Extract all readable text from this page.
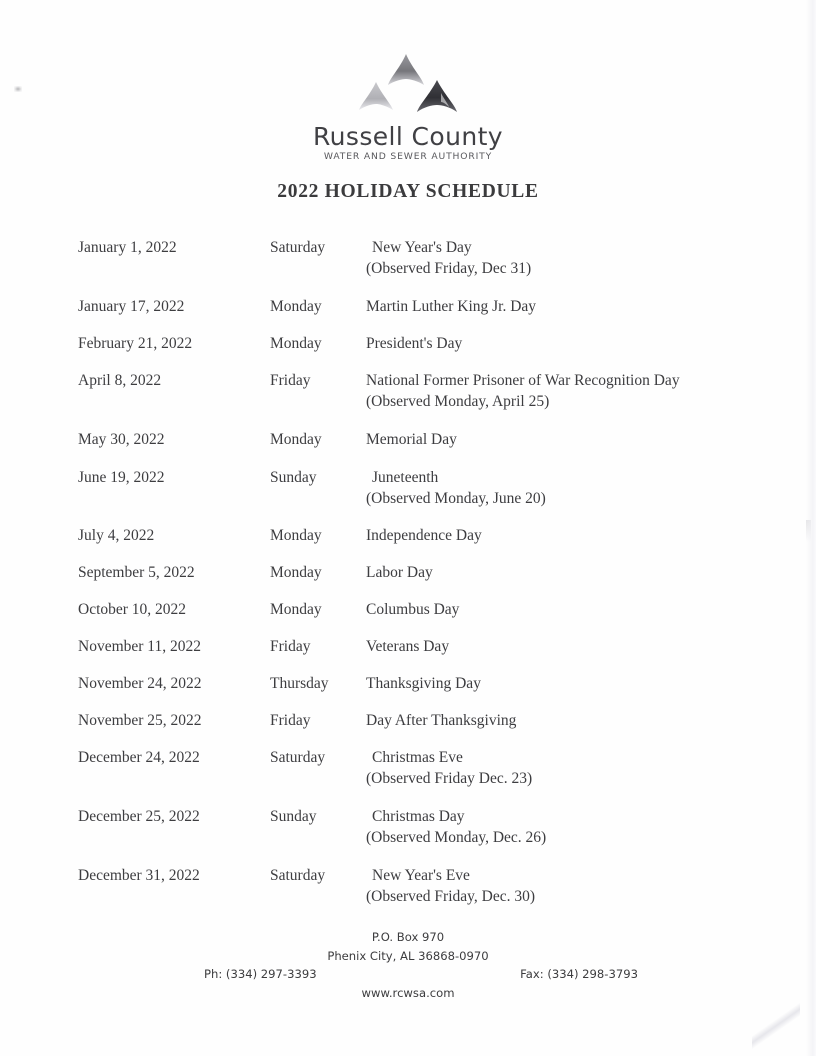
Russell County
WATER AND SEWER AUTHORITY
2022 HOLIDAY SCHEDULE
January 1, 2022	Saturday	New Year's Day
(Observed Friday, Dec 31)
January 17, 2022	Monday	Martin Luther King Jr. Day
February 21, 2022	Monday	President's Day
April 8, 2022	Friday	National Former Prisoner of War Recognition Day
(Observed Monday, April 25)
May 30, 2022	Monday	Memorial Day
June 19, 2022	Sunday	Juneteenth
(Observed Monday, June 20)
July 4, 2022	Monday	Independence Day
September 5, 2022	Monday	Labor Day
October 10, 2022	Monday	Columbus Day
November 11, 2022	Friday	Veterans Day
November 24, 2022	Thursday	Thanksgiving Day
November 25, 2022	Friday	Day After Thanksgiving
December 24, 2022	Saturday	Christmas Eve
(Observed Friday Dec. 23)
December 25, 2022	Sunday	Christmas Day
(Observed Monday, Dec. 26)
December 31, 2022	Saturday	New Year's Eve
(Observed Friday, Dec. 30)
P.O. Box 970
Phenix City, AL 36868-0970
Ph: (334) 297-3393	Fax: (334) 298-3793
www.rcwsa.com
